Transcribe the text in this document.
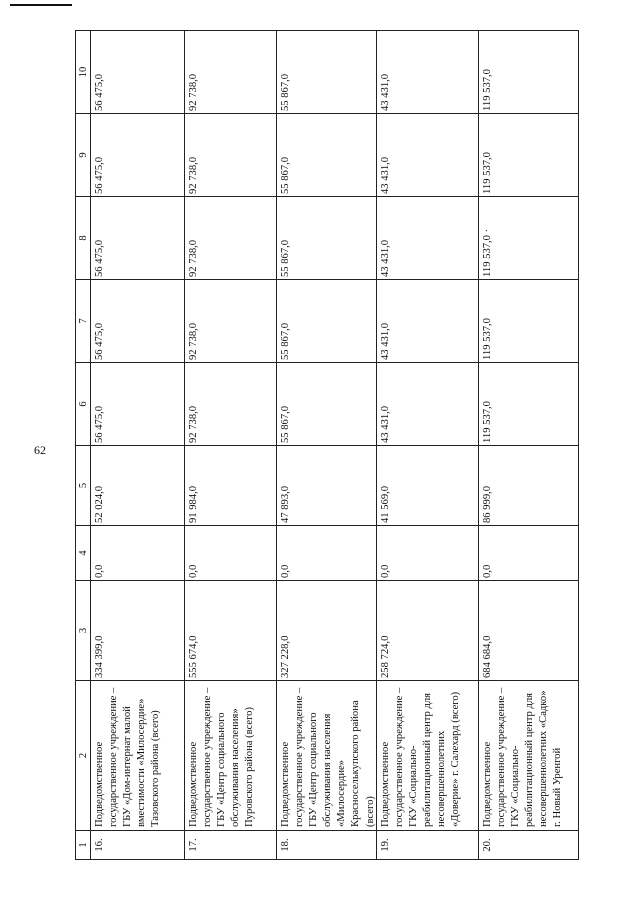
62
1
2
3
4
5
6
7
8
9
10
16.
Подведомственное государственное учреждение – ГБУ «Дом-интернат малой вместимости «Милосердие» Тазовского района (всего)
334 399,0
0,0
52 024,0
56 475,0
56 475,0
56 475,0
56 475,0
56 475,0
17.
Подведомственное государственное учреждение – ГБУ «Центр социального обслуживания населения» Пуровского района (всего)
555 674,0
0,0
91 984,0
92 738,0
92 738,0
92 738,0
92 738,0
92 738,0
18.
Подведомственное государственное учреждение – ГБУ «Центр социального обслуживания населения «Милосердие» Красноселькупского района (всего)
327 228,0
0,0
47 893,0
55 867,0
55 867,0
55 867,0
55 867,0
55 867,0
19.
Подведомственное государственное учреждение – ГКУ «Социально-реабилитационный центр для несовершеннолетних «Доверие» г. Салехард (всего)
258 724,0
0,0
41 569,0
43 431,0
43 431,0
43 431,0
43 431,0
43 431,0
20.
Подведомственное государственное учреждение – ГКУ «Социально-реабилитационный центр для несовершеннолетних «Садко» г. Новый Уренгой
684 684,0
0,0
86 999,0
119 537,0
119 537,0
119 537,0 ·
119 537,0
119 537,0
